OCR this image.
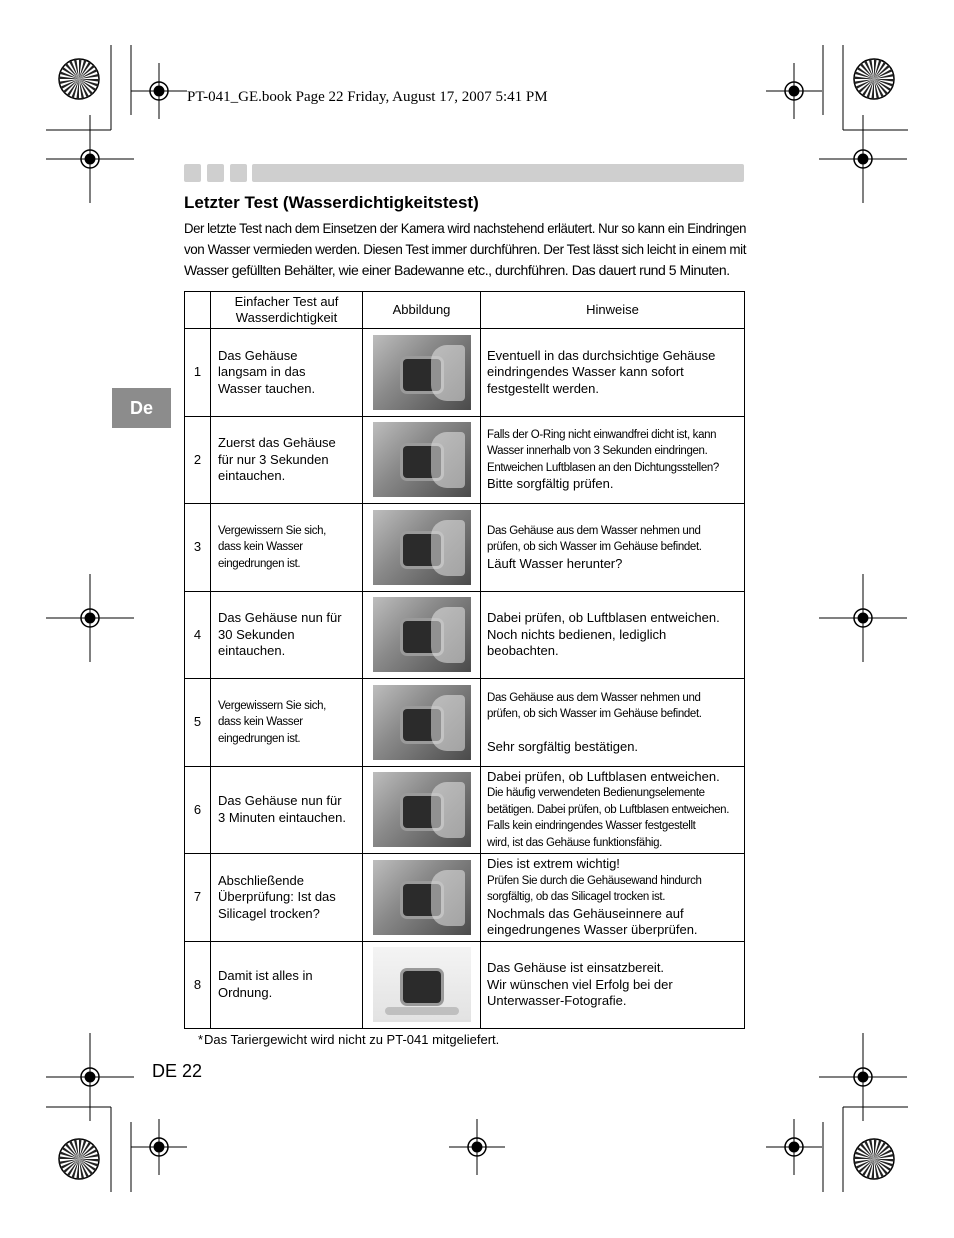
PT-041_GE.book Page 22 Friday, August 17, 2007 5:41 PM
Letzter Test (Wasserdichtigkeitstest)
Der letzte Test nach dem Einsetzen der Kamera wird nachstehend erläutert. Nur so kann ein Eindringen
von Wasser vermieden werden. Diesen Test immer durchführen. Der Test lässt sich leicht in einem mit
Wasser gefüllten Behälter, wie einer Badewanne etc., durchführen. Das dauert rund 5 Minuten.
De

	Einfacher Test auf
Wasserdichtigkeit	Abbildung	Hinweise
1	Das Gehäuse
langsam in das
Wasser tauchen.		Eventuell in das durchsichtige Gehäuse
eindringendes Wasser kann sofort
festgestellt werden.

2	Zuerst das Gehäuse
für nur 3 Sekunden
eintauchen.		Falls der O-Ring nicht einwandfrei dicht ist, kann
Wasser innerhalb von 3 Sekunden eindringen.
Entweichen Luftblasen an den Dichtungsstellen?
Bitte sorgfältig prüfen.

3	Vergewissern Sie sich,
dass kein Wasser
eingedrungen ist.		Das Gehäuse aus dem Wasser nehmen und
prüfen, ob sich Wasser im Gehäuse befindet.
Läuft Wasser herunter?

4	Das Gehäuse nun für
30 Sekunden
eintauchen.		Dabei prüfen, ob Luftblasen entweichen.
Noch nichts bedienen, lediglich
beobachten.

5	Vergewissern Sie sich,
dass kein Wasser
eingedrungen ist.		Das Gehäuse aus dem Wasser nehmen und
prüfen, ob sich Wasser im Gehäuse befindet.
Sehr sorgfältig bestätigen.

6	Das Gehäuse nun für
3 Minuten eintauchen.		Dabei prüfen, ob Luftblasen entweichen.
Die häufig verwendeten Bedienungselemente
betätigen. Dabei prüfen, ob Luftblasen entweichen.
Falls kein eindringendes Wasser festgestellt
wird, ist das Gehäuse funktionsfähig.

7	Abschließende
Überprüfung: Ist das
Silicagel trocken?		Dies ist extrem wichtig!
Prüfen Sie durch die Gehäusewand hindurch
sorgfältig, ob das Silicagel trocken ist.
Nochmals das Gehäuseinnere auf
eingedrungenes Wasser überprüfen.

8	Damit ist alles in
Ordnung.		Das Gehäuse ist einsatzbereit.
Wir wünschen viel Erfolg bei der
Unterwasser-Fotografie.
* Das Tariergewicht wird nicht zu PT-041 mitgeliefert.
DE 22
